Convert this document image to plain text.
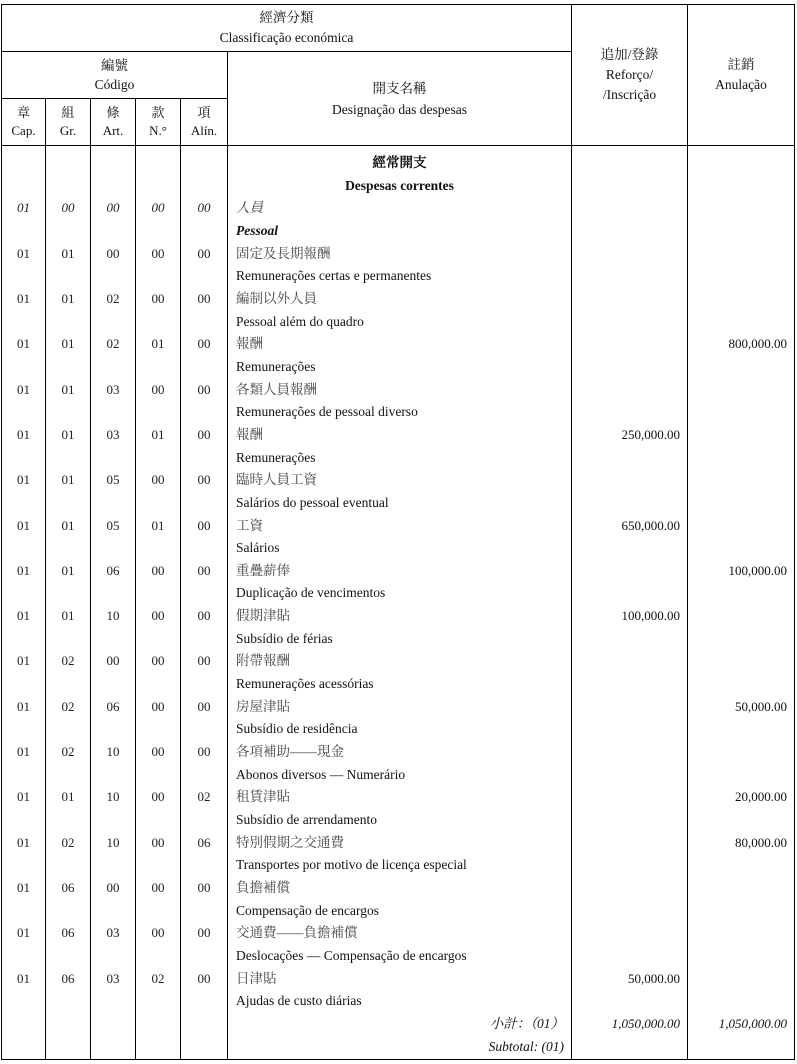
經濟分類
Classificação económica
編號
Código
章
Cap.
組
Gr.
條
Art.
款
N.°
項
Alín.
開支名稱
Designação das despesas
追加/登錄
Reforço/
/Inscrição
註銷
Anulação
01
01
01
01
01
01
01
01
01
01
01
01
01
01
01
01
01
01
00
01
01
01
01
01
01
01
01
01
02
02
02
01
02
06
06
06
00
00
02
02
03
03
05
05
06
10
00
06
10
10
10
00
03
03
00
00
00
01
00
01
00
01
00
00
00
00
00
00
00
00
00
02
00
00
00
00
00
00
00
00
00
00
00
00
00
02
06
00
00
00
經常開支
Despesas correntes
人員
Pessoal
固定及長期報酬
Remunerações certas e permanentes
編制以外人員
Pessoal além do quadro
報酬
Remunerações
各類人員報酬
Remunerações de pessoal diverso
報酬
Remunerações
臨時人員工資
Salários do pessoal eventual
工資
Salários
重疊薪俸
Duplicação de vencimentos
假期津貼
Subsídio de férias
附帶報酬
Remunerações acessórias
房屋津貼
Subsídio de residência
各項補助——現金
Abonos diversos — Numerário
租賃津貼
Subsídio de arrendamento
特別假期之交通費
Transportes por motivo de licença especial
負擔補償
Compensação de encargos
交通費——負擔補償
Deslocações — Compensação de encargos
日津貼
Ajudas de custo diárias
小計：（01）
Subtotal: (01)
250,000.00
650,000.00
100,000.00
50,000.00
1,050,000.00
800,000.00
100,000.00
50,000.00
20,000.00
80,000.00
1,050,000.00
